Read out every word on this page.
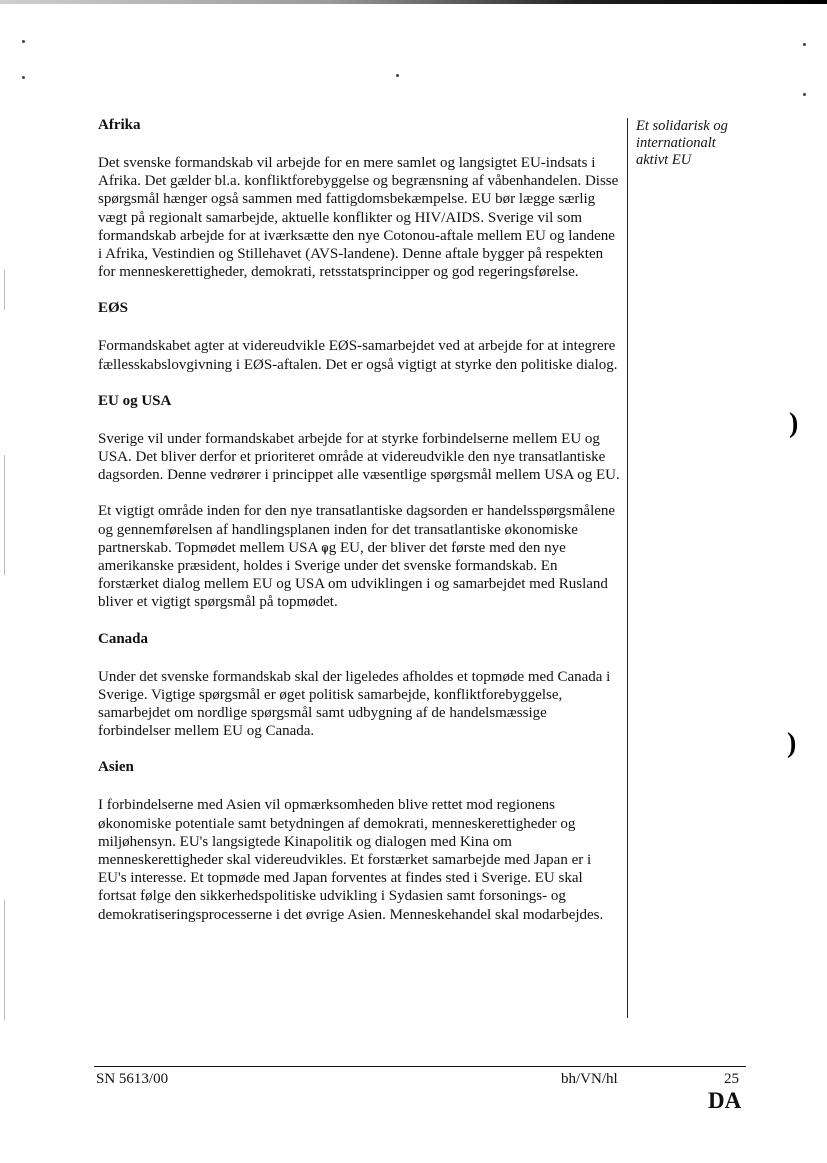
Afrika

Det svenske formandskab vil arbejde for en mere samlet og langsigtet EU-indsats i Afrika. Det gælder bl.a. konfliktforebyggelse og begrænsning af våbenhandelen. Disse spørgsmål hænger også sammen med fattigdomsbekæmpelse. EU bør lægge særlig vægt på regionalt samarbejde, aktuelle konflikter og HIV/AIDS. Sverige vil som formandskab arbejde for at iværksætte den nye Cotonou-aftale mellem EU og landene i Afrika, Vestindien og Stillehavet (AVS-landene). Denne aftale bygger på respekten for menneskerettigheder, demokrati, retsstatsprincipper og god regeringsførelse.

EØS

Formandskabet agter at videreudvikle EØS-samarbejdet ved at arbejde for at integrere fællesskabslovgivning i EØS-aftalen. Det er også vigtigt at styrke den politiske dialog.

EU og USA

Sverige vil under formandskabet arbejde for at styrke forbindelserne mellem EU og USA. Det bliver derfor et prioriteret område at videreudvikle den nye transatlantiske dagsorden. Denne vedrører i princippet alle væsentlige spørgsmål mellem USA og EU.

Et vigtigt område inden for den nye transatlantiske dagsorden er handelsspørgsmålene og gennemførelsen af handlingsplanen inden for det transatlantiske økonomiske partnerskab. Topmødet mellem USA og EU, der bliver det første med den nye amerikanske præsident, holdes i Sverige under det svenske formandskab. En forstærket dialog mellem EU og USA om udviklingen i og samarbejdet med Rusland bliver et vigtigt spørgsmål på topmødet.

Canada

Under det svenske formandskab skal der ligeledes afholdes et topmøde med Canada i Sverige. Vigtige spørgsmål er øget politisk samarbejde, konfliktforebyggelse, samarbejdet om nordlige spørgsmål samt udbygning af de handelsmæssige forbindelser mellem EU og Canada.

Asien

I forbindelserne med Asien vil opmærksomheden blive rettet mod regionens økonomiske potentiale samt betydningen af demokrati, menneskerettigheder og miljøhensyn. EU's langsigtede Kinapolitik og dialogen med Kina om menneskerettigheder skal videreudvikles. Et forstærket samarbejde med Japan er i EU's interesse. Et topmøde med Japan forventes at findes sted i Sverige. EU skal fortsat følge den sikkerhedspolitiske udvikling i Sydasien samt forsonings- og demokratiseringsprocesserne i det øvrige Asien. Menneskehandel skal modarbejdes.

Et solidarisk og
internationalt
aktivt EU
)
)
SN 5613/00	bh/VN/hl	25
DA
